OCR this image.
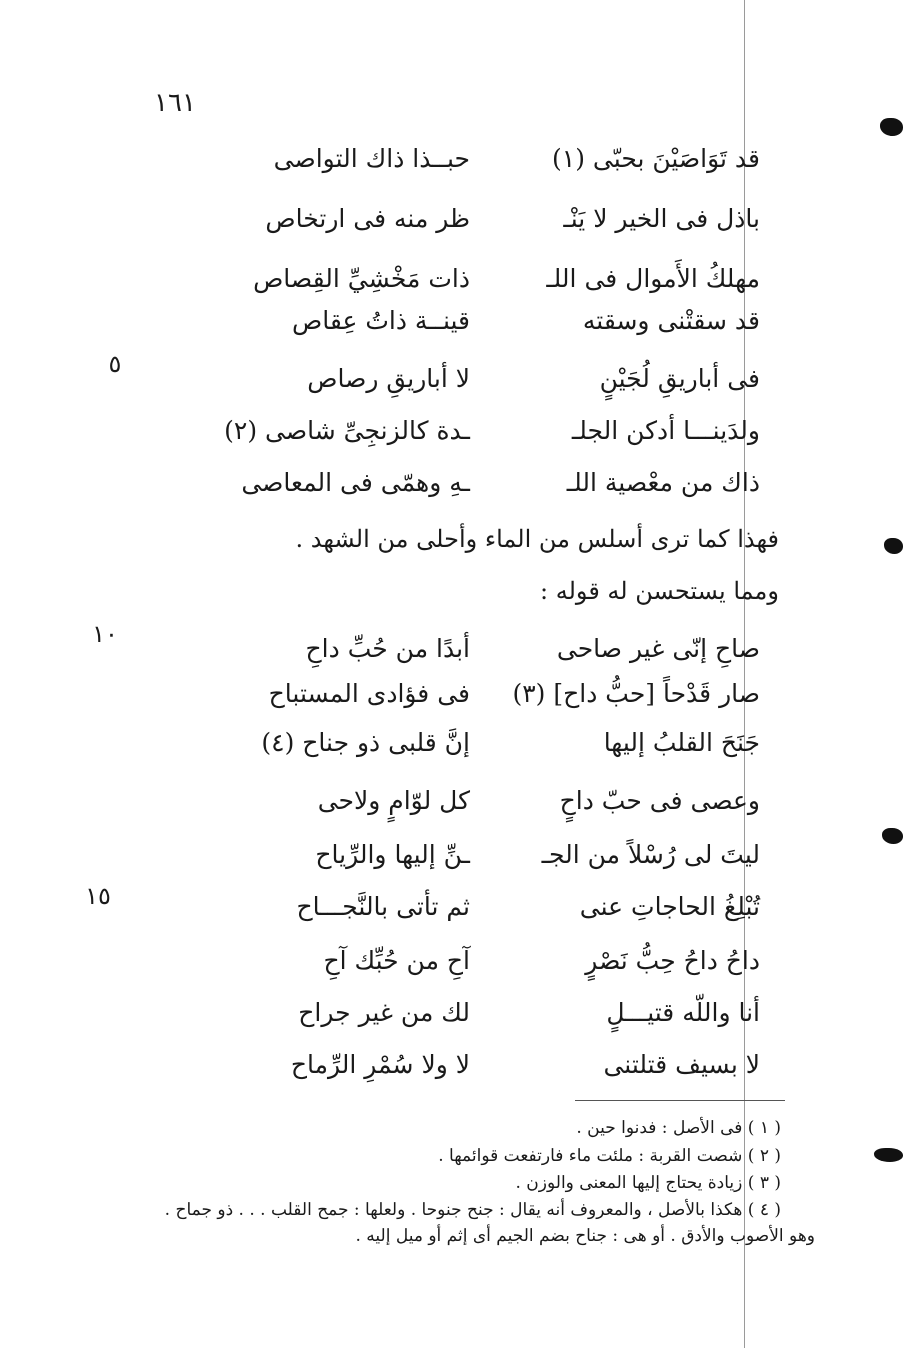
١٦١
٥
١٠
١٥
قد تَوَاصَيْنَ بحبّى (١)
حبــذا ذاك التواصى
باذل فى الخير لا يَنْـ
ظر منه فى ارتخاص
مهلكُ الأَموال فى اللـ
ذات مَخْشِيِّ القِصاص
قد سقتْنى وسقته
قينــة ذاتُ عِقاص
فى أباريقِ لُجَيْنٍ
لا أباريقِ رصاص
ولدَينـــا أدكن الجلـ
ـدة كالزنجِىِّ شاصى (٢)
ذاك من معْصية اللـ
ـهِ وهمّى فى المعاصى
فهذا كما ترى أسلس من الماء وأحلى من الشهد .
ومما يستحسن له قوله :
صاحِ إنّى غير صاحى
أبدًا من حُبِّ داحِ
صار قَدْحاً [حبُّ داح] (٣)
فى فؤادى المستباح
جَنَحَ القلبُ إليها
إنَّ قلبى ذو جناح (٤)
وعصى فى حبّ داحٍ
كل لوّامٍ ولاحى
ليتَ لى رُسْلاً من الجـ
ـنِّ إليها والرِّياح
تُبْلِغُ الحاجاتِ عنى
ثم تأتى بالنَّجـــاح
داحُ داحُ حِبُّ نَصْرٍ
آحِ من حُبِّك آحِ
أنا واللّه قتيـــلٍ
لك من غير جراح
لا بسيف قتلتنى
لا ولا سُمْرِ الرِّماح
( ١ ) فى الأصل : فدنوا حين .
( ٢ ) شصت القربة : ملئت ماء فارتفعت قوائمها .
( ٣ ) زيادة يحتاج إليها المعنى والوزن .
( ٤ ) هكذا بالأصل ، والمعروف أنه يقال : جنح جنوحا . ولعلها : جمح القلب . . . ذو جماح .
وهو الأصوب والأدق . أو هى : جناح بضم الجيم أى إثم أو ميل إليه .
